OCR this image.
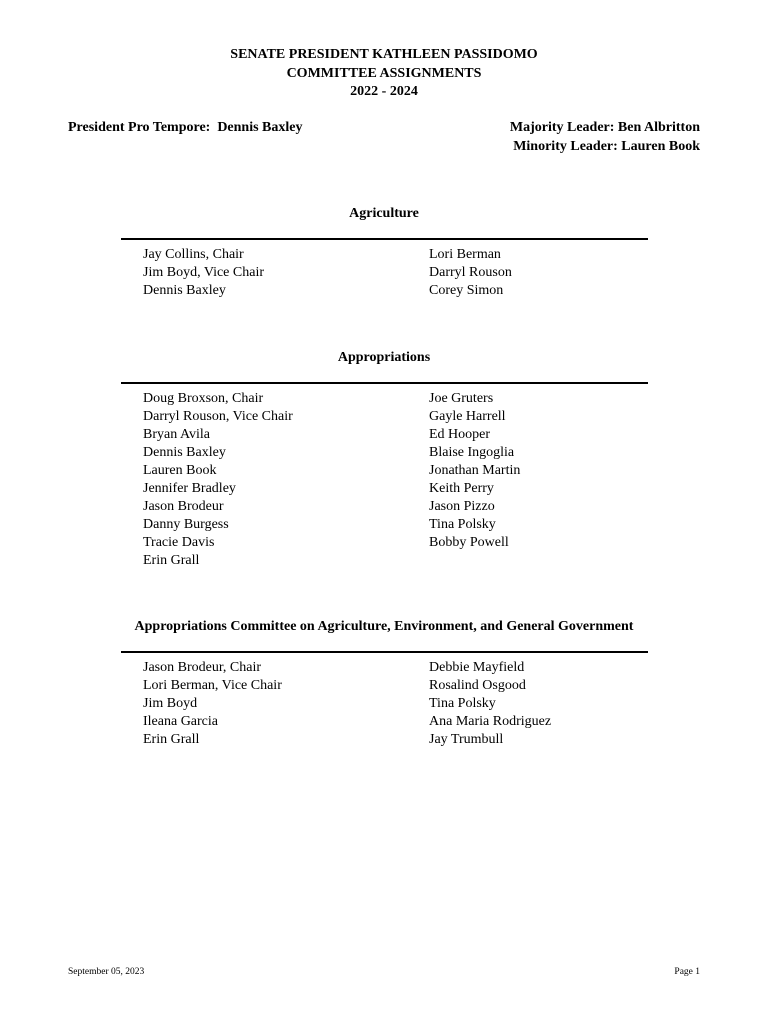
SENATE PRESIDENT KATHLEEN PASSIDOMO
COMMITTEE ASSIGNMENTS
2022 - 2024
President Pro Tempore:  Dennis Baxley	Majority Leader: Ben Albritton
Minority Leader: Lauren Book
Agriculture
Jay Collins, Chair
Jim Boyd, Vice Chair
Dennis Baxley
Lori Berman
Darryl Rouson
Corey Simon
Appropriations
Doug Broxson, Chair
Darryl Rouson, Vice Chair
Bryan Avila
Dennis Baxley
Lauren Book
Jennifer Bradley
Jason Brodeur
Danny Burgess
Tracie Davis
Erin Grall
Joe Gruters
Gayle Harrell
Ed Hooper
Blaise Ingoglia
Jonathan Martin
Keith Perry
Jason Pizzo
Tina Polsky
Bobby Powell
Appropriations Committee on Agriculture, Environment, and General Government
Jason Brodeur, Chair
Lori Berman, Vice Chair
Jim Boyd
Ileana Garcia
Erin Grall
Debbie Mayfield
Rosalind Osgood
Tina Polsky
Ana Maria Rodriguez
Jay Trumbull
September 05, 2023	Page 1
